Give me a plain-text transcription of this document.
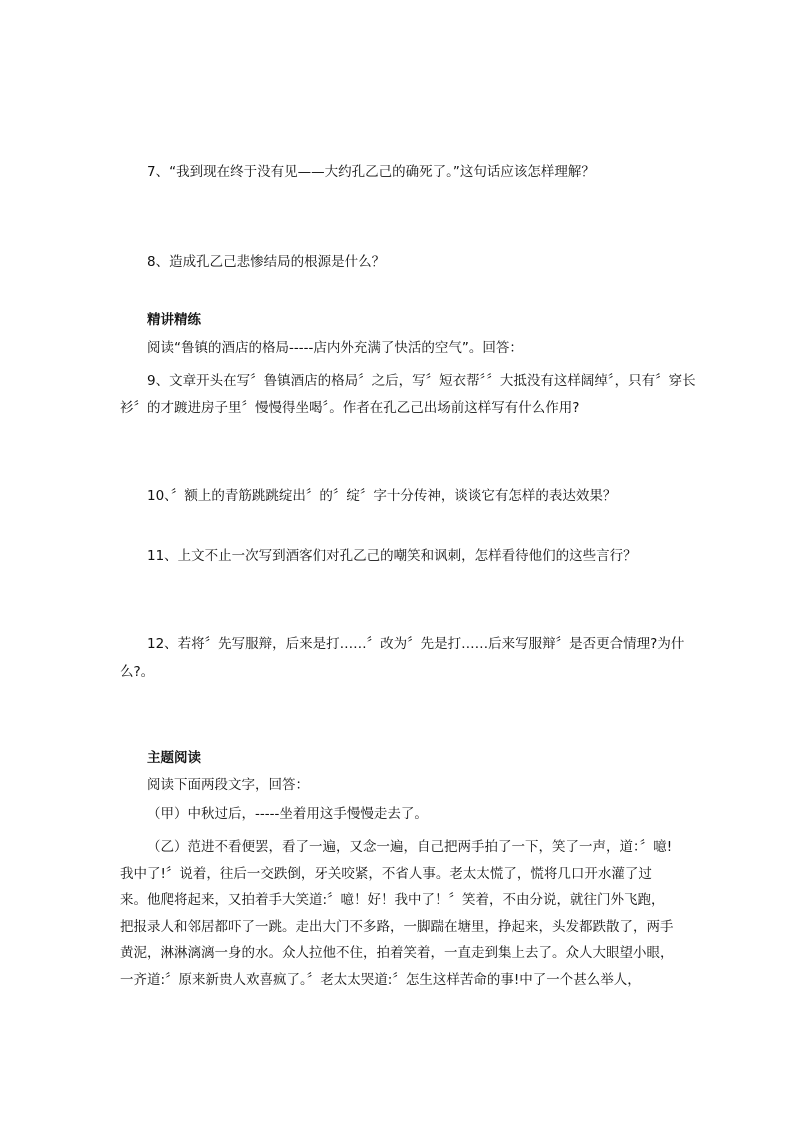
7、“我到现在终于没有见——大约孔乙己的确死了。”这句话应该怎样理解？
8、造成孔乙己悲惨结局的根源是什么？
精讲精练
阅读“鲁镇的酒店的格局-----店内外充满了快活的空气”。回答：
9、文章开头在写〞鲁镇酒店的格局〞之后，写〞短衣帮〞〞大抵没有这样阔绰〞，只有〞穿长
衫〞的才踱进房子里〞慢慢得坐喝〞。作者在孔乙己出场前这样写有什么作用?
10、〞额上的青筋跳跳绽出〞的〞绽〞字十分传神，谈谈它有怎样的表达效果？
11、上文不止一次写到酒客们对孔乙己的嘲笑和讽刺，怎样看待他们的这些言行？
12、若将〞先写服辩，后来是打……〞改为〞先是打……后来写服辩〞是否更合情理?为什
么?。
主题阅读
阅读下面两段文字，回答：
（甲）中秋过后，-----坐着用这手慢慢走去了。
（乙）范进不看便罢，看了一遍，又念一遍，自己把两手拍了一下，笑了一声，道：〞噫!我中了!〞说着，往后一交跌倒，牙关咬紧，不省人事。老太太慌了，慌将几口开水灌了过来。他爬将起来，又拍着手大笑道:〞噫！好！我中了！〞笑着，不由分说，就往门外飞跑，把报录人和邻居都吓了一跳。走出大门不多路，一脚踹在塘里，挣起来，头发都跌散了，两手黄泥，淋淋漓漓一身的水。众人拉他不住，拍着笑着，一直走到集上去了。众人大眼望小眼，一齐道:〞原来新贵人欢喜疯了。〞老太太哭道:〞怎生这样苦命的事!中了一个甚么举人，
